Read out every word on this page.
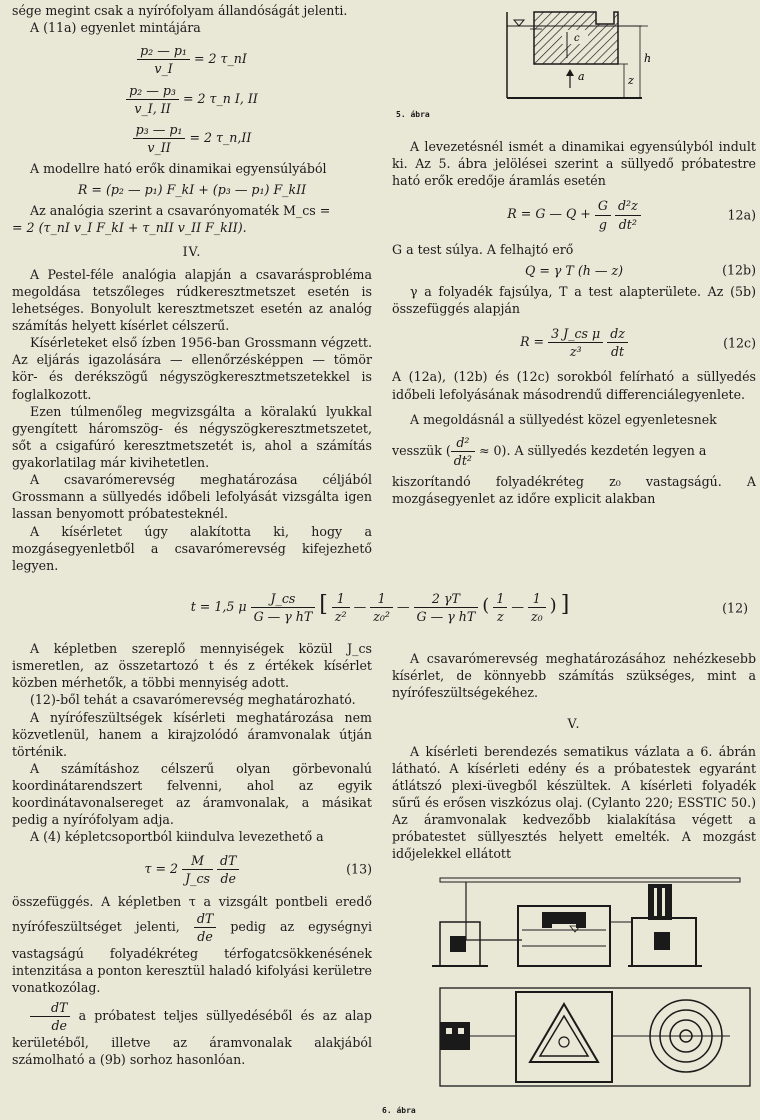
sége megint csak a nyírófolyam állandóságát jelenti.

A (11a) egyenlet mintájára

$\frac{\text{p₂ — p₁}}{v\_I} = 2$ τ_nI
$\frac{\text{p₂ — p₃}}{v\_I, II} = 2$ τ_n I, II
$\frac{\text{p₃ — p₁}}{v\_II} = 2$ τ_n,II

A modellre ható erők dinamikai egyensúlyából

R = (p₂ — p₁) F_kI + (p₃ — p₁) F_kII

Az analógia szerint a csavarónyomaték M_cs =

= 2 (τ_nI v_I F_kI + τ_nII v_II F_kII).

IV.

A Pestel-féle analógia alapján a csavarásprobléma megoldása tetszőleges rúdkeresztmetszet esetén is lehetséges. Bonyolult keresztmetszet esetén az analóg számítás helyett kísérlet célszerű.

Kísérleteket első ízben 1956-ban Grossmann végzett. Az eljárás igazolására — ellenőrzésképpen — tömör kör- és derékszögű négyszögkeresztmetszetekkel is foglalkozott.

Ezen túlmenőleg megvizsgálta a köralakú lyukkal gyengített háromszög- és négyszögkeresztmetszetet, sőt a csigafúró keresztmetszetét is, ahol a számítás gyakorlatilag már kivihetetlen.

A csavarómerevség meghatározása céljából Grossmann a süllyedés időbeli lefolyását vizsgálta igen lassan benyomott próbatesteknél.

A kísérletet úgy alakította ki, hogy a mozgásegyenletből a csavarómerevség kifejezhető legyen.

c
a
h
z
5. ábra

A levezetésnél ismét a dinamikai egyensúlyból indult ki. Az 5. ábra jelölései szerint a süllyedő próbatestre ható erők eredője áramlás esetén

R = G — $Q + \frac{G}{g}$
$\frac{\text{d²z}}{\text{dt²}}$	12a)

G a test súlya. A felhajtó erő

Q = γ T (h — z)	(12b)

γ a folyadék fajsúlya, T a test alapterülete. Az (5b) összefüggés alapján

$R = \frac{\text{3 J\_cs μ}}{\text{z³}}$
$\frac{dz}{dt}$	(12c)

A (12a), (12b) és (12c) sorokból felírható a süllyedés időbeli lefolyásának másodrendű differenciálegyenlete.

A megoldásnál a süllyedést közel egyenletesnek

vesszük ( $\frac{\text{d²}}{\text{dt²}} \approx 0$). A süllyedés kezdetén legyen a

kiszorítandó folyadékréteg z₀ vastagságú. A mozgásegyenlet az időre explicit alakban

t = 1,5 μ $\frac{J\_cs}{\text{G — γ hT}}$ [ $\frac{1}{\text{z²}}$ — $\frac{1}{\text{z₀²}}$ — $\frac{2 \gamma T}{\text{G — γ hT}}$ ( $\frac{1}{z}$ — $\frac{1}{\text{z₀}}$ ) ]	(12)

A képletben szereplő mennyiségek közül J_cs ismeretlen, az összetartozó t és z értékek kísérlet közben mérhetők, a többi mennyiség adott.

(12)-ből tehát a csavarómerevség meghatározható.

A nyírófeszültségek kísérleti meghatározása nem közvetlenül, hanem a kirajzolódó áramvonalak útján történik.

A számításhoz célszerű olyan görbevonalú koordinátarendszert felvenni, ahol az egyik koordinátavonalsereget az áramvonalak, a másikat pedig a nyírófolyam adja.

A (4) képletcsoportból kiindulva levezethető a

$\tau = 2 \frac{M}{J\_cs}$
$\frac{dT}{de}$	(13)

összefüggés. A képletben τ a vizsgált pontbeli eredő nyírófeszültséget jelenti, $\frac{dT}{de}$ pedig az egységnyi vastagságú folyadékréteg térfogatcsökkenésének intenzitása a ponton keresztül haladó kifolyási kerületre vonatkozólag.

$\frac{dT}{de}$ a próbatest teljes süllyedéséből és az alap kerületéből, illetve az áramvonalak alakjából számolható a (9b) sorhoz hasonlóan.

A csavarómerevség meghatározásához nehézkesebb kísérlet, de könnyebb számítás szükséges, mint a nyírófeszültségekéhez.

V.

A kísérleti berendezés sematikus vázlata a 6. ábrán látható. A kísérleti edény és a próbatestek egyaránt átlátszó plexi-üvegből készültek. A kísérleti folyadék sűrű és erősen viszkózus olaj. (Cylanto 220; ESSTIC 50.) Az áramvonalak kedvezőbb kialakítása végett a próbatestet süllyesztés helyett emelték. A mozgást időjelekkel ellátott

6. ábra
